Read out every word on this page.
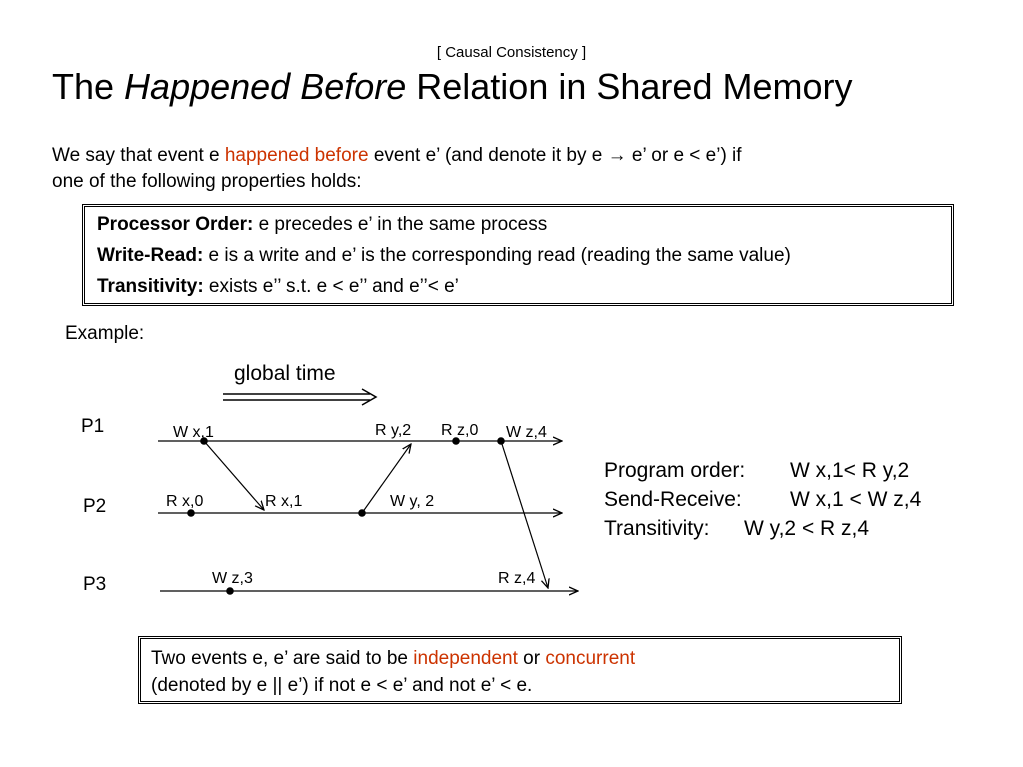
[ Causal Consistency ]
The Happened Before Relation in Shared Memory
We say that event e happened before event e’ (and denote it by e → e’ or e < e’) if
one of the following properties holds:
Processor Order: e precedes e’ in the same process
Write-Read: e is a write and e’ is the corresponding read (reading the same value)
Transitivity: exists e’’ s.t. e < e’’ and e’’< e’
Example:
global time
P1
P2
P3
W x,1	R y,2 R z,0 W z,4
R x,0	R x,1	W y, 2
W z,3	R z,4
Program order: W x,1< R y,2
Send-Receive: W x,1 < W z,4
Transitivity: W y,2 < R z,4
Two events e, e’ are said to be independent or concurrent
(denoted by e || e’) if not e < e’ and not e’ < e.
